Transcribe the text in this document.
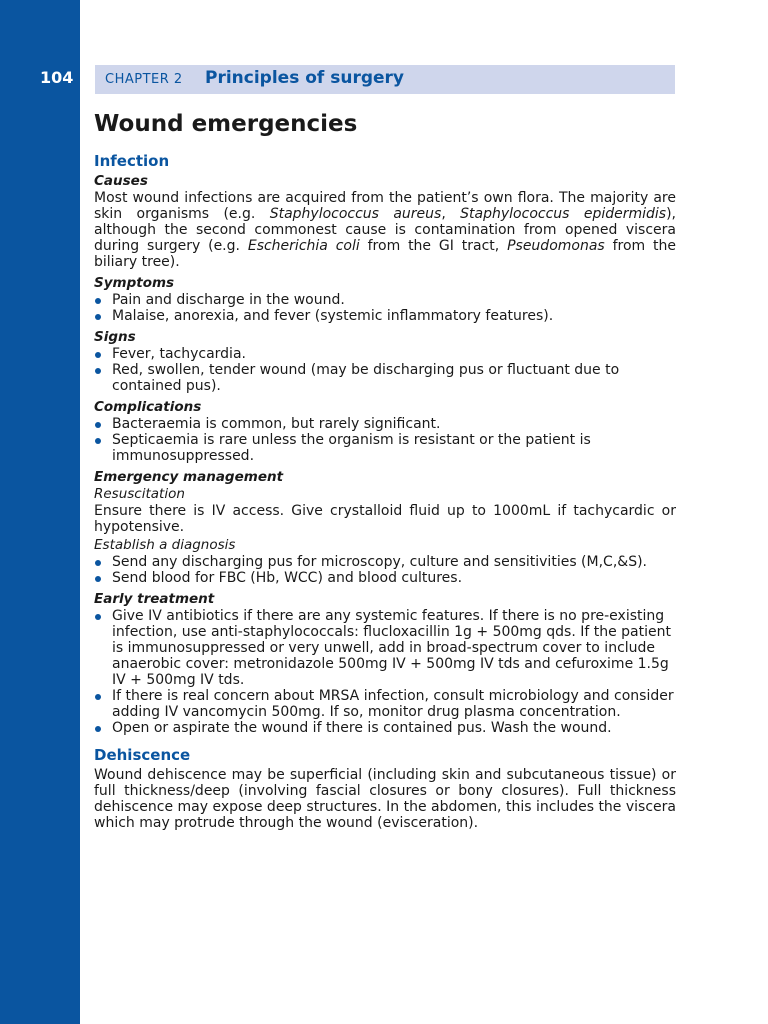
104 CHAPTER 2 Principles of surgery
Wound emergencies
Infection
Causes

Most wound infections are acquired from the patient’s own flora. The majority are skin organisms (e.g. Staphylococcus aureus, Staphylococcus epidermidis), although the second commonest cause is contamination from opened viscera during surgery (e.g. Escherichia coli from the GI tract, Pseudomonas from the biliary tree).

Symptoms
Pain and discharge in the wound.
Malaise, anorexia, and fever (systemic inflammatory features).
Signs
Fever, tachycardia.
Red, swollen, tender wound (may be discharging pus or fluctuant due to contained pus).
Complications
Bacteraemia is common, but rarely significant.
Septicaemia is rare unless the organism is resistant or the patient is immunosuppressed.
Emergency management
Resuscitation

Ensure there is IV access. Give crystalloid fluid up to 1000mL if tachycardic or hypotensive.

Establish a diagnosis
Send any discharging pus for microscopy, culture and sensitivities (M,C,&S).
Send blood for FBC (Hb, WCC) and blood cultures.
Early treatment
Give IV antibiotics if there are any systemic features. If there is no pre-existing infection, use anti-staphylococcals: flucloxacillin 1g + 500mg qds. If the patient is immunosuppressed or very unwell, add in broad-spectrum cover to include anaerobic cover: metronidazole 500mg IV + 500mg IV tds and cefuroxime 1.5g IV + 500mg IV tds.
If there is real concern about MRSA infection, consult microbiology and consider adding IV vancomycin 500mg. If so, monitor drug plasma concentration.
Open or aspirate the wound if there is contained pus. Wash the wound.
Dehiscence

Wound dehiscence may be superficial (including skin and subcutaneous tissue) or full thickness/deep (involving fascial closures or bony closures). Full thickness dehiscence may expose deep structures. In the abdomen, this includes the viscera which may protrude through the wound (evisceration).
